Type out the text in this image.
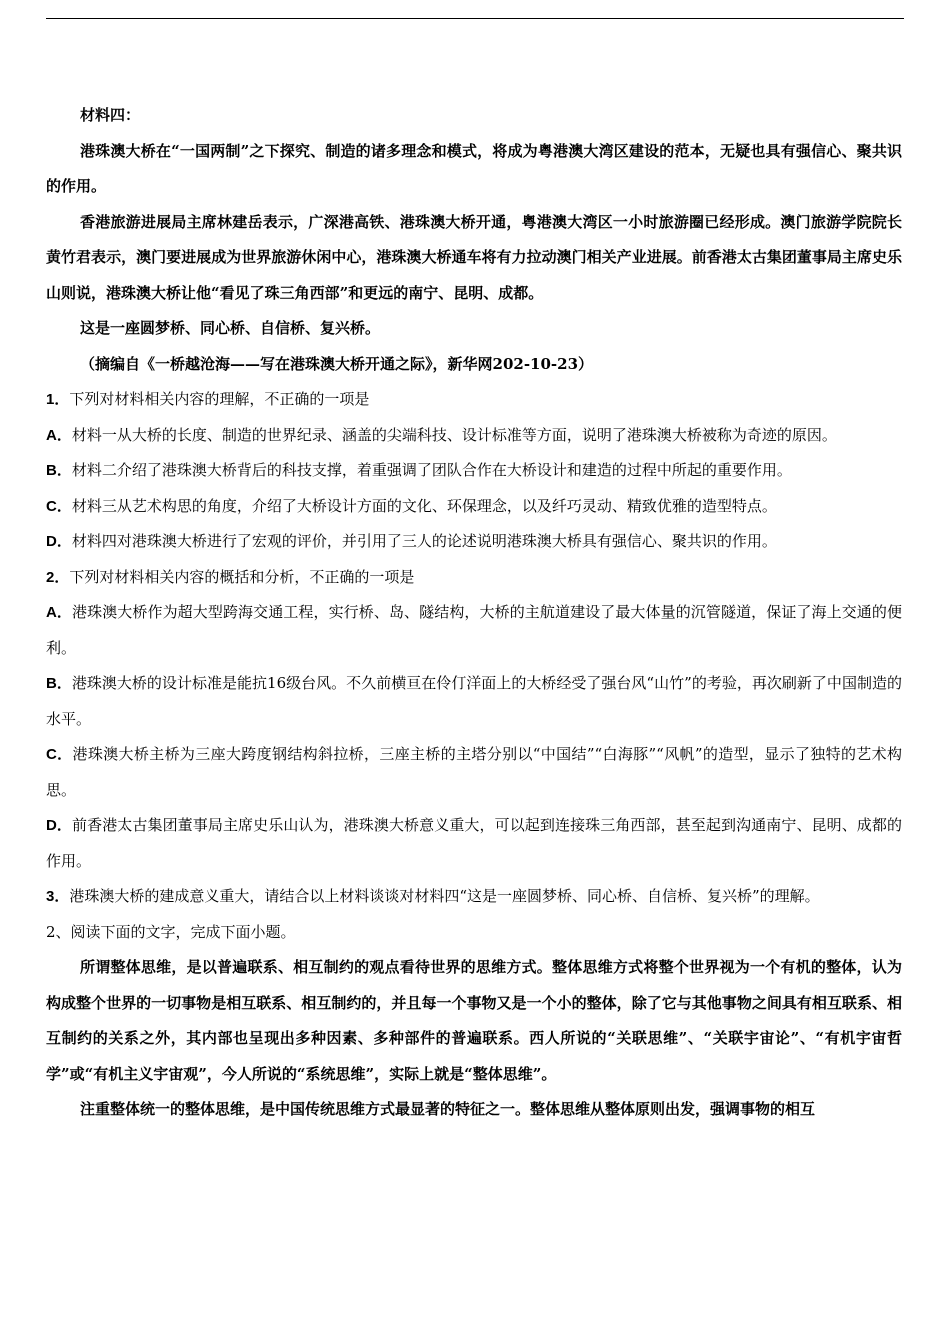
材料四：

港珠澳大桥在“一国两制”之下探究、制造的诸多理念和模式，将成为粤港澳大湾区建设的范本，无疑也具有强信心、聚共识的作用。

香港旅游进展局主席林建岳表示，广深港高铁、港珠澳大桥开通，粤港澳大湾区一小时旅游圈已经形成。澳门旅游学院院长黄竹君表示，澳门要进展成为世界旅游休闲中心，港珠澳大桥通车将有力拉动澳门相关产业进展。前香港太古集团董事局主席史乐山则说，港珠澳大桥让他“看见了珠三角西部”和更远的南宁、昆明、成都。

这是一座圆梦桥、同心桥、自信桥、复兴桥。

（摘编自《一桥越沧海——写在港珠澳大桥开通之际》，新华网202-10-23）

1．下列对材料相关内容的理解，不正确的一项是

A．材料一从大桥的长度、制造的世界纪录、涵盖的尖端科技、设计标准等方面，说明了港珠澳大桥被称为奇迹的原因。

B．材料二介绍了港珠澳大桥背后的科技支撑，着重强调了团队合作在大桥设计和建造的过程中所起的重要作用。

C．材料三从艺术构思的角度，介绍了大桥设计方面的文化、环保理念，以及纤巧灵动、精致优雅的造型特点。

D．材料四对港珠澳大桥进行了宏观的评价，并引用了三人的论述说明港珠澳大桥具有强信心、聚共识的作用。

2．下列对材料相关内容的概括和分析，不正确的一项是

A．港珠澳大桥作为超大型跨海交通工程，实行桥、岛、隧结构，大桥的主航道建设了最大体量的沉管隧道，保证了海上交通的便利。

B．港珠澳大桥的设计标准是能抗16级台风。不久前横亘在伶仃洋面上的大桥经受了强台风“山竹”的考验，再次刷新了中国制造的水平。

C．港珠澳大桥主桥为三座大跨度钢结构斜拉桥，三座主桥的主塔分别以“中国结”“白海豚”“风帆”的造型，显示了独特的艺术构思。

D．前香港太古集团董事局主席史乐山认为，港珠澳大桥意义重大，可以起到连接珠三角西部，甚至起到沟通南宁、昆明、成都的作用。

3．港珠澳大桥的建成意义重大，请结合以上材料谈谈对材料四“这是一座圆梦桥、同心桥、自信桥、复兴桥”的理解。

2、阅读下面的文字，完成下面小题。

所谓整体思维，是以普遍联系、相互制约的观点看待世界的思维方式。整体思维方式将整个世界视为一个有机的整体，认为构成整个世界的一切事物是相互联系、相互制约的，并且每一个事物又是一个小的整体，除了它与其他事物之间具有相互联系、相互制约的关系之外，其内部也呈现出多种因素、多种部件的普遍联系。西人所说的“关联思维”、“关联宇宙论”、“有机宇宙哲学”或“有机主义宇宙观”，今人所说的“系统思维”，实际上就是“整体思维”。

注重整体统一的整体思维，是中国传统思维方式最显著的特征之一。整体思维从整体原则出发，强调事物的相互
